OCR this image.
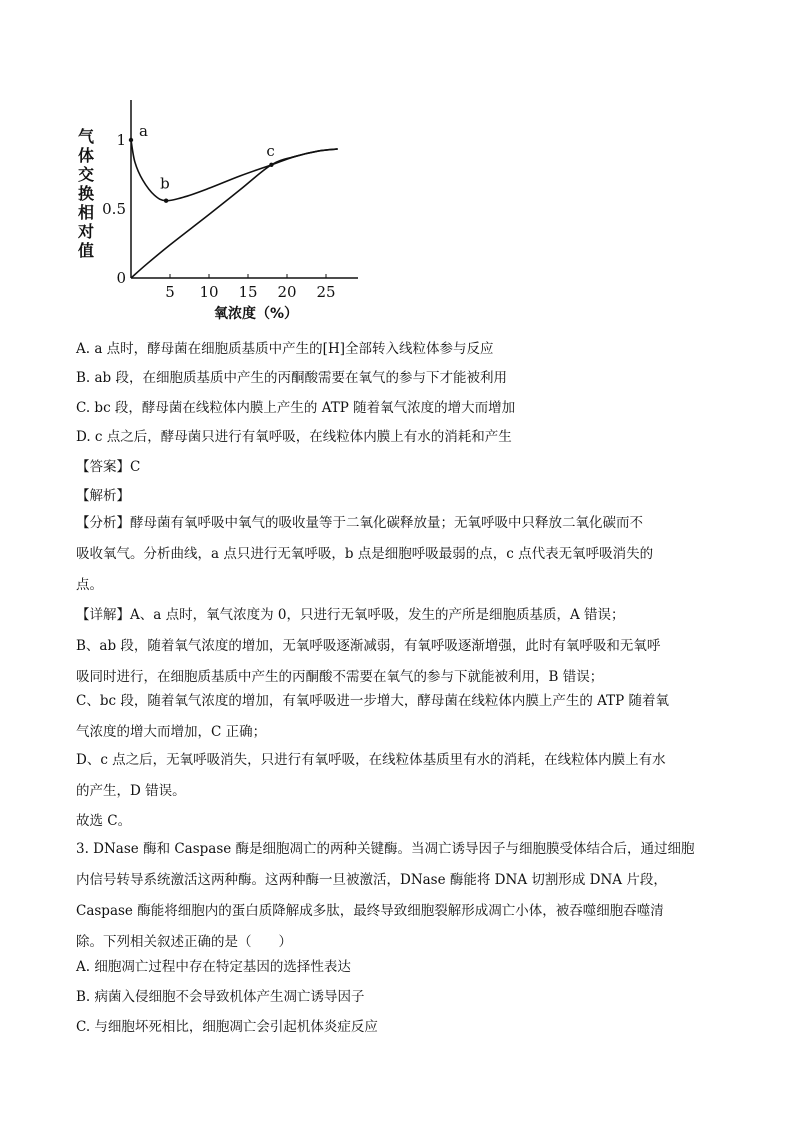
气
体
交
换
相
对
值
1
0.5
0
5 10 15 20 25
a
b
c
氧浓度（%）
A. a 点时，酵母菌在细胞质基质中产生的[H]全部转入线粒体参与反应
B. ab 段，在细胞质基质中产生的丙酮酸需要在氧气的参与下才能被利用
C. bc 段，酵母菌在线粒体内膜上产生的 ATP 随着氧气浓度的增大而增加
D. c 点之后，酵母菌只进行有氧呼吸，在线粒体内膜上有水的消耗和产生
【答案】C
【解析】
【分析】酵母菌有氧呼吸中氧气的吸收量等于二氧化碳释放量；无氧呼吸中只释放二氧化碳而不
吸收氧气。分析曲线，a 点只进行无氧呼吸，b 点是细胞呼吸最弱的点，c 点代表无氧呼吸消失的
点。
【详解】A、a 点时，氧气浓度为 0，只进行无氧呼吸，发生的产所是细胞质基质，A 错误；
B、ab 段，随着氧气浓度的增加，无氧呼吸逐渐减弱，有氧呼吸逐渐增强，此时有氧呼吸和无氧呼
吸同时进行，在细胞质基质中产生的丙酮酸不需要在氧气的参与下就能被利用，B 错误；
C、bc 段，随着氧气浓度的增加，有氧呼吸进一步增大，酵母菌在线粒体内膜上产生的 ATP 随着氧
气浓度的增大而增加，C 正确；
D、c 点之后，无氧呼吸消失，只进行有氧呼吸，在线粒体基质里有水的消耗，在线粒体内膜上有水
的产生，D 错误。
故选 C。
3. DNase 酶和 Caspase 酶是细胞凋亡的两种关键酶。当凋亡诱导因子与细胞膜受体结合后，通过细胞
内信号转导系统激活这两种酶。这两种酶一旦被激活，DNase 酶能将 DNA 切割形成 DNA 片段，
Caspase 酶能将细胞内的蛋白质降解成多肽，最终导致细胞裂解形成凋亡小体，被吞噬细胞吞噬清
除。下列相关叙述正确的是（　　）
A. 细胞凋亡过程中存在特定基因的选择性表达
B. 病菌入侵细胞不会导致机体产生凋亡诱导因子
C. 与细胞坏死相比，细胞凋亡会引起机体炎症反应
